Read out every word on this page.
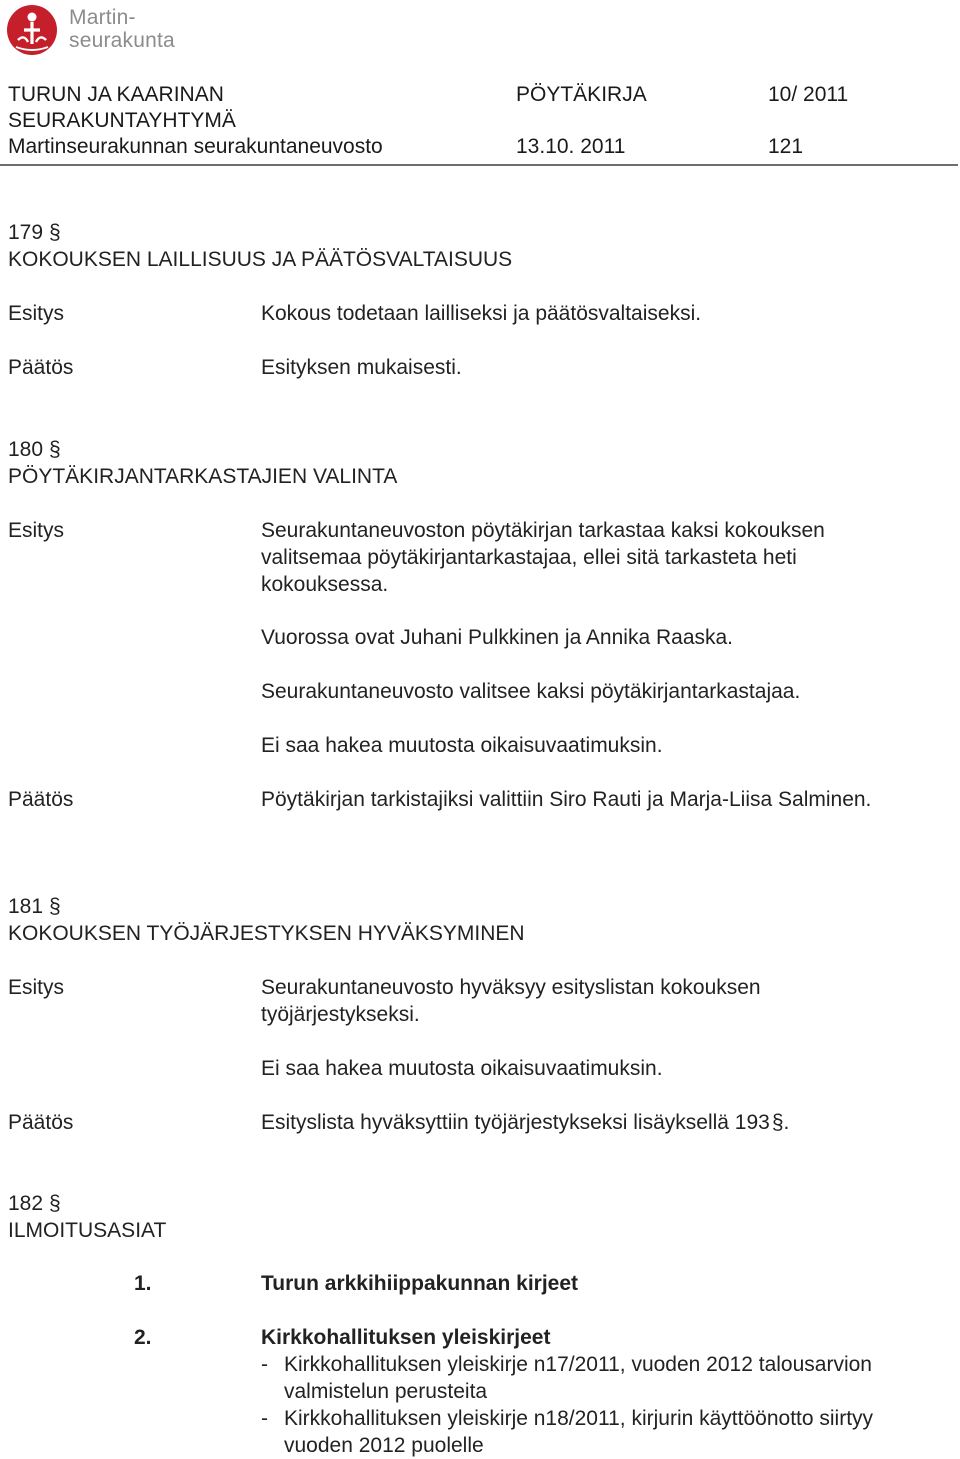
Martin-
seurakunta
TURUN JA KAARINAN	PÖYTÄKIRJA	10/ 2011
SEURAKUNTAYHTYMÄ
Martinseurakunnan seurakuntaneuvosto	13.10. 2011	121
179 §
KOKOUKSEN LAILLISUUS JA PÄÄTÖSVALTAISUUS
Esitys	Kokous todetaan lailliseksi ja päätösvaltaiseksi.
Päätös	Esityksen mukaisesti.
180 §
PÖYTÄKIRJANTARKASTAJIEN VALINTA
Esitys	Seurakuntaneuvoston pöytäkirjan tarkastaa kaksi kokouksen
valitsemaa pöytäkirjantarkastajaa, ellei sitä tarkasteta heti
kokouksessa.
Vuorossa ovat Juhani Pulkkinen ja Annika Raaska.
Seurakuntaneuvosto valitsee kaksi pöytäkirjantarkastajaa.
Ei saa hakea muutosta oikaisuvaatimuksin.
Päätös	Pöytäkirjan tarkistajiksi valittiin Siro Rauti ja Marja-Liisa Salminen.
181 §
KOKOUKSEN TYÖJÄRJESTYKSEN HYVÄKSYMINEN
Esitys	Seurakuntaneuvosto hyväksyy esityslistan kokouksen
työjärjestykseksi.
Ei saa hakea muutosta oikaisuvaatimuksin.
Päätös	Esityslista hyväksyttiin työjärjestykseksi lisäyksellä 193§.
182 §
ILMOITUSASIAT
1.	Turun arkkihiippakunnan kirjeet
2.	Kirkkohallituksen yleiskirjeet
- Kirkkohallituksen yleiskirje n17/2011, vuoden 2012 talousarvion
valmistelun perusteita
- Kirkkohallituksen yleiskirje n18/2011, kirjurin käyttöönotto siirtyy
vuoden 2012 puolelle
